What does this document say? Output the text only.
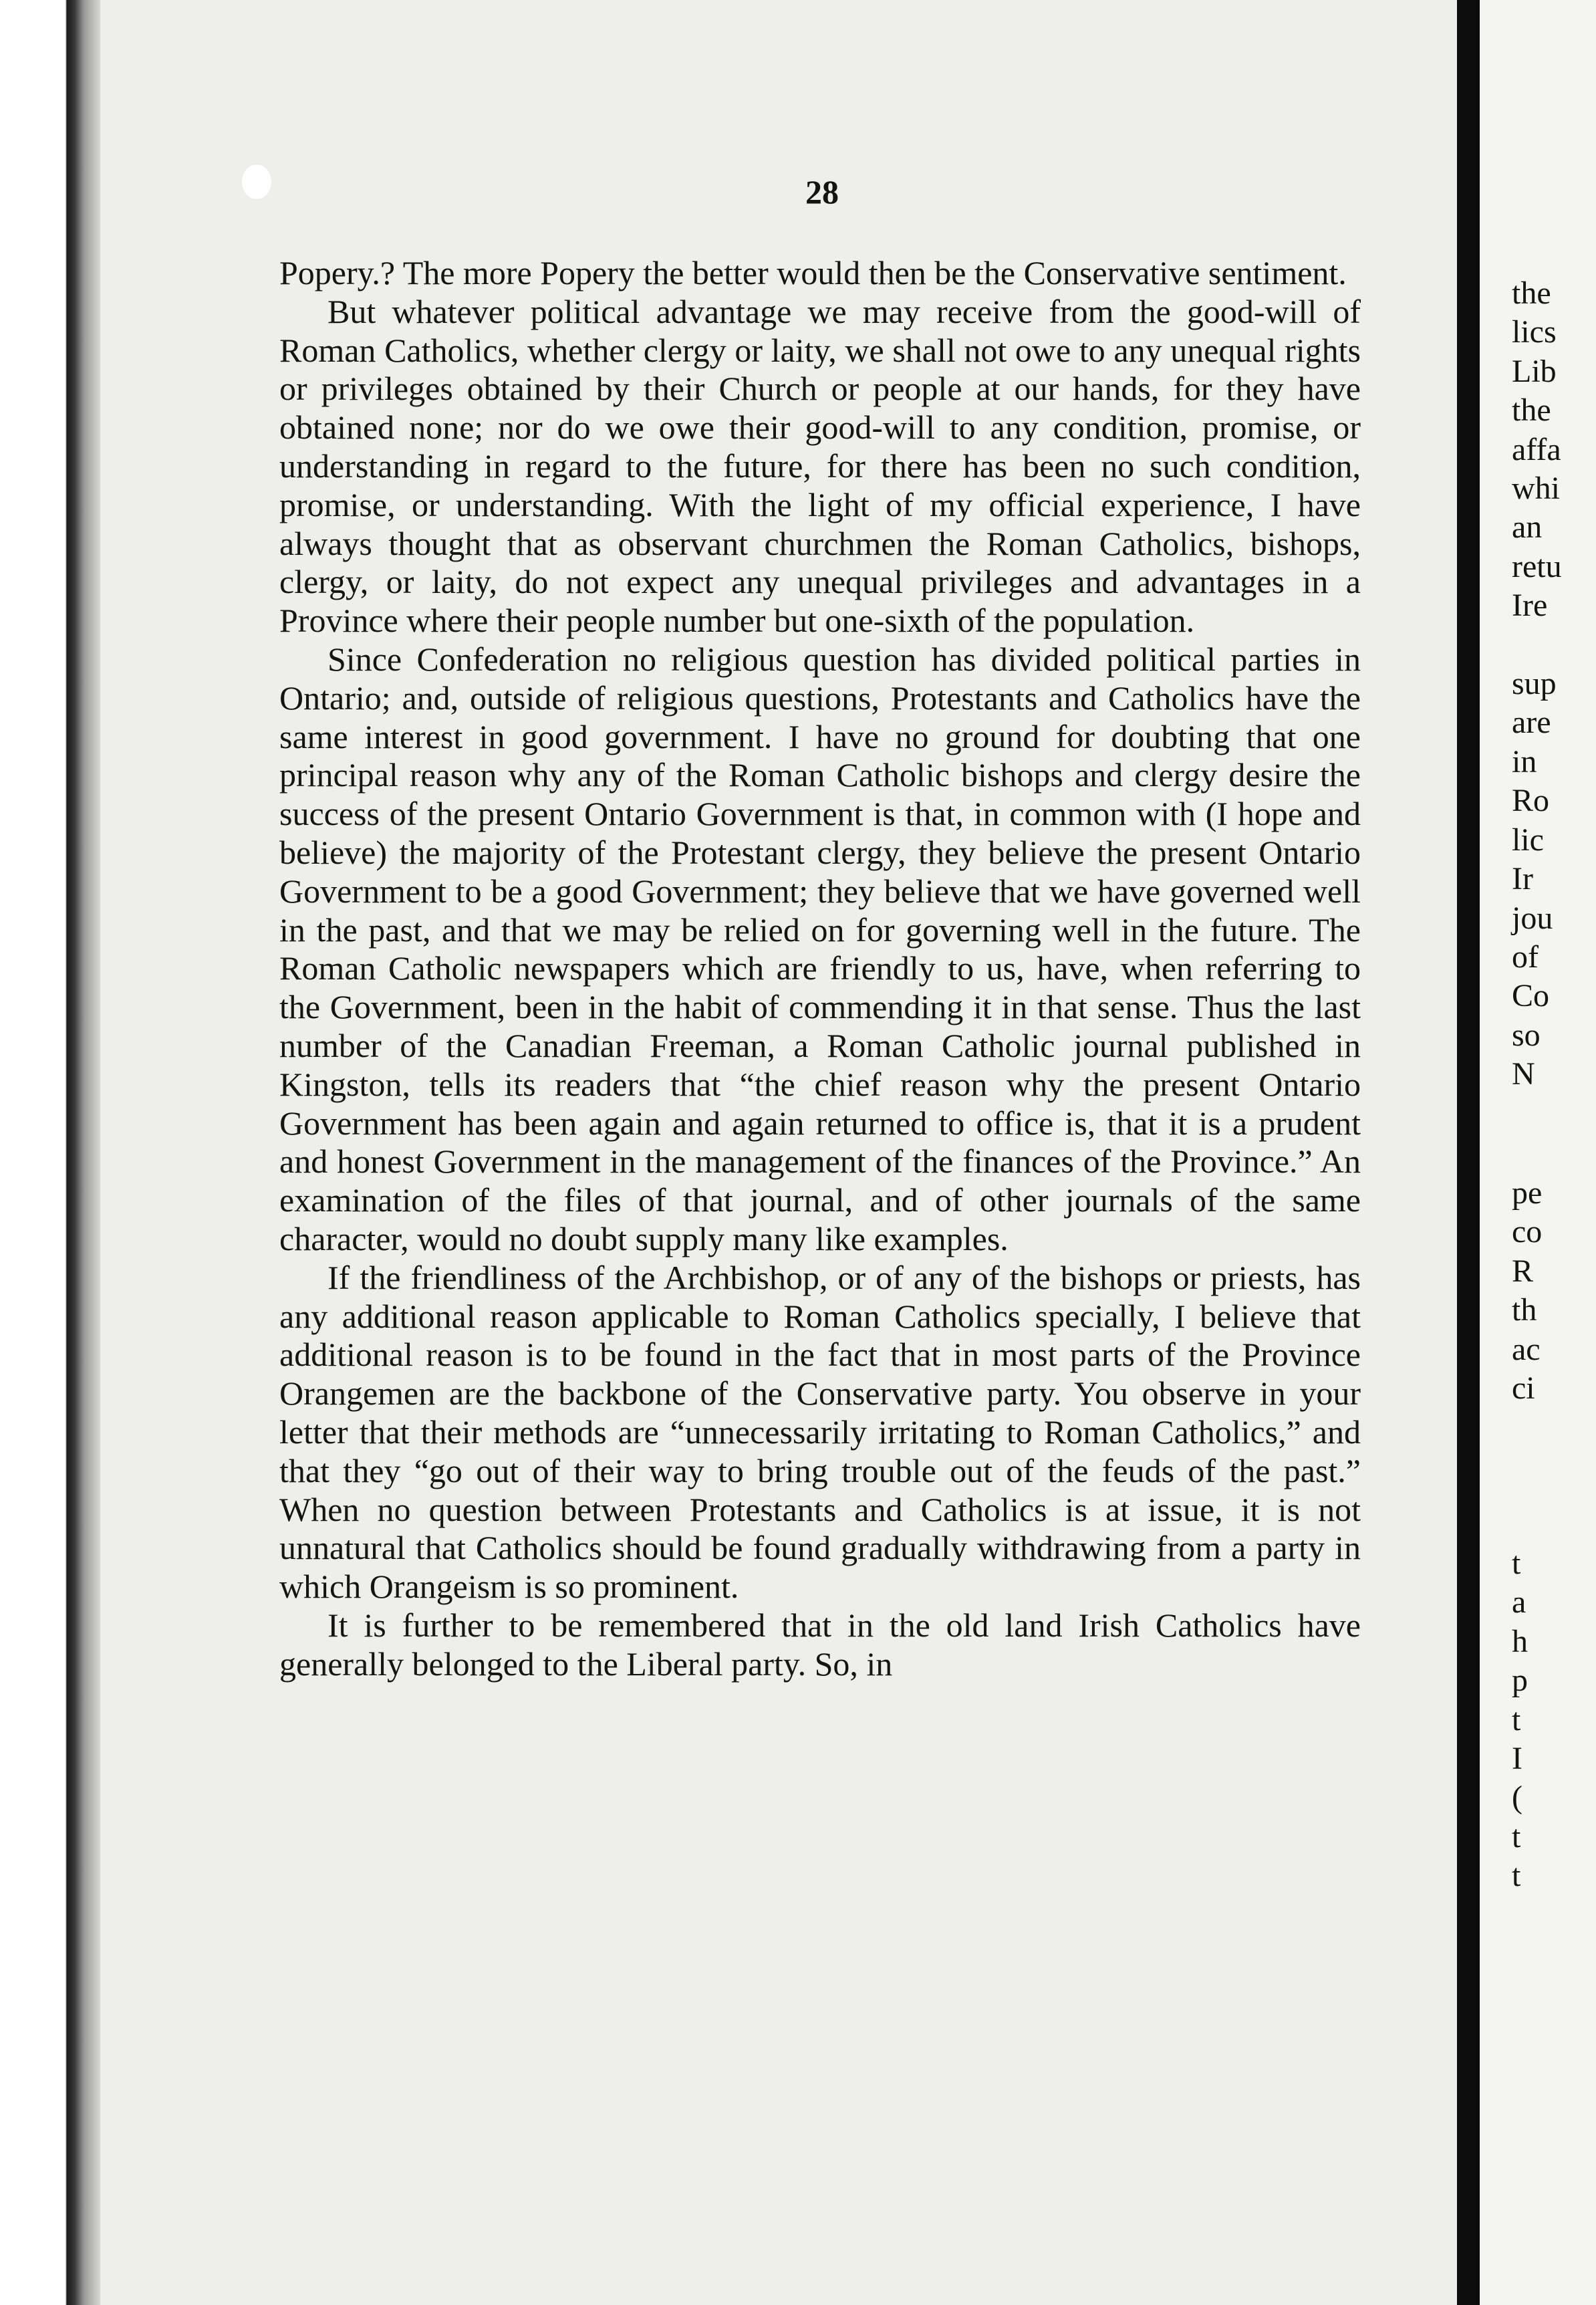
28

Popery.? The more Popery the better would then be the Conservative sentiment.

But whatever political advantage we may receive from the good-will of Roman Catholics, whether clergy or laity, we shall not owe to any unequal rights or privileges obtained by their Church or people at our hands, for they have obtained none; nor do we owe their good-will to any condition, promise, or understanding in regard to the future, for there has been no such condition, promise, or understanding. With the light of my official experience, I have always thought that as observant churchmen the Roman Catholics, bishops, clergy, or laity, do not expect any unequal privileges and advantages in a Province where their people number but one-sixth of the population.

Since Confederation no religious question has divided political parties in Ontario; and, outside of religious questions, Protestants and Catholics have the same interest in good government. I have no ground for doubting that one principal reason why any of the Roman Catholic bishops and clergy desire the success of the present Ontario Government is that, in common with (I hope and believe) the majority of the Protestant clergy, they believe the present Ontario Government to be a good Government; they believe that we have governed well in the past, and that we may be relied on for governing well in the future. The Roman Catholic newspapers which are friendly to us, have, when referring to the Government, been in the habit of commending it in that sense. Thus the last number of the Canadian Freeman, a Roman Catholic journal published in Kingston, tells its readers that “the chief reason why the present Ontario Government has been again and again returned to office is, that it is a prudent and honest Government in the management of the finances of the Province.” An examination of the files of that journal, and of other journals of the same character, would no doubt supply many like examples.

If the friendliness of the Archbishop, or of any of the bishops or priests, has any additional reason applicable to Roman Catholics specially, I believe that additional reason is to be found in the fact that in most parts of the Province Orangemen are the backbone of the Conservative party. You observe in your letter that their methods are “unnecessarily irritating to Roman Catholics,” and that they “go out of their way to bring trouble out of the feuds of the past.” When no question between Protestants and Catholics is at issue, it is not unnatural that Catholics should be found gradually withdrawing from a party in which Orangeism is so prominent.

It is further to be remembered that in the old land Irish Catholics have generally belonged to the Liberal party. So, in

the
lics
Lib
the
affa
whi
an
retu
Ire

sup
are
in
Ro
lic
Ir
jou
of
Co
so
N
pe
co
R
th
ac
ci
t
a
h
p
t
I
(
t
t
